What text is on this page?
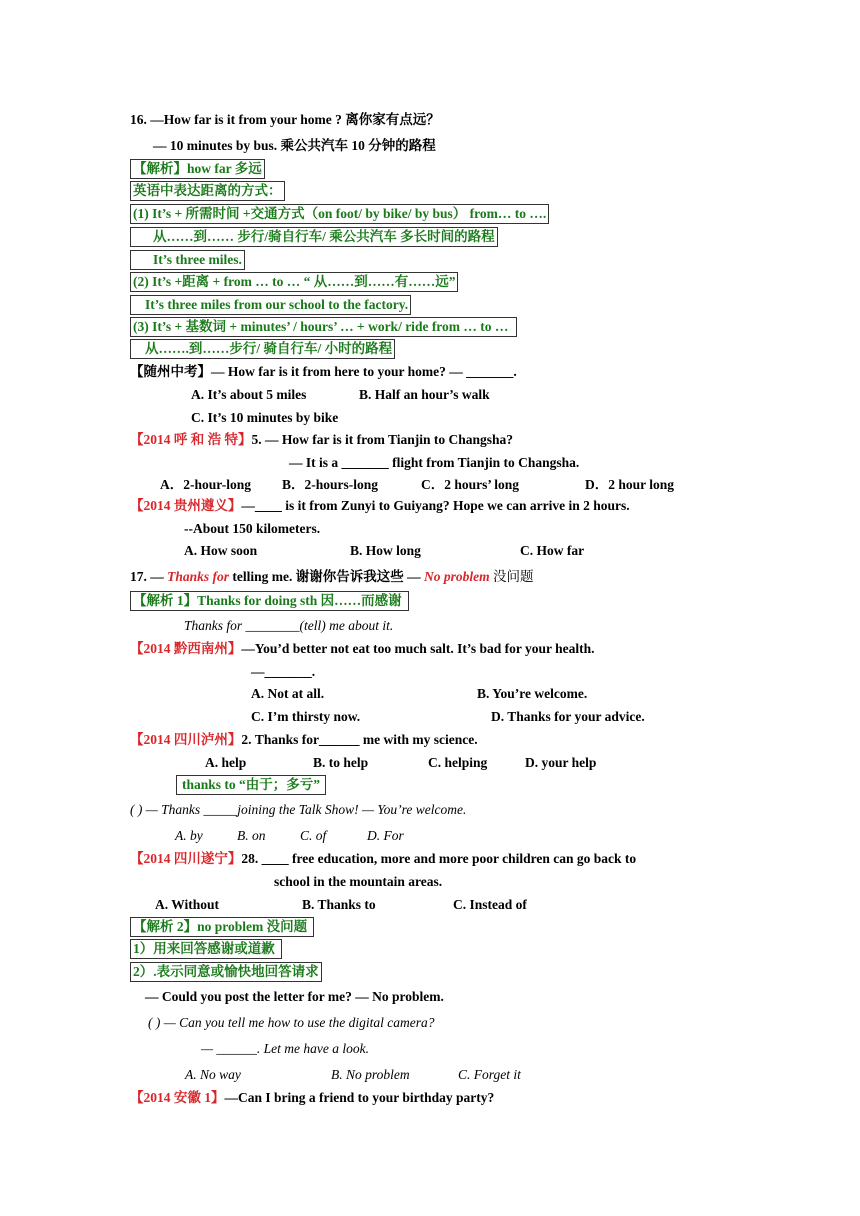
16. —How far is it from your home ? 离你家有点远？
— 10 minutes by bus. 乘公共汽车 10 分钟的路程
【解析】how far 多远
英语中表达距离的方式：
(1) It’s + 所需时间 +交通方式（on foot/ by bike/ by bus） from… to ….
从……到…… 步行/骑自行车/ 乘公共汽车 多长时间的路程
It’s three miles.
(2) It’s +距离 + from … to … “ 从……到……有……远”
It’s three miles from our school to the factory.
(3) It’s + 基数词 + minutes’ / hours’ … + work/ ride from … to …
从…….到……步行/ 骑自行车/ 小时的路程
【随州中考】— How far is it from here to your home? — _______.
A. It’s about 5 miles	B. Half an hour’s walk
C. It’s 10 minutes by bike
【2014 呼 和 浩 特】5. — How far is it from Tianjin to Changsha?
— It is a _______ flight from Tianjin to Changsha.
A．2-hour-long B．2-hours-long	C．2 hours’ long	D．2 hour long
【2014 贵州遵义】—____ is it from Zunyi to Guiyang? Hope we can arrive in 2 hours.
--About 150 kilometers.
A. How soon	B. How long	C. How far
17. — Thanks for telling me. 谢谢你告诉我这些 — No problem 没问题
【解析 1】Thanks for doing sth 因……而感谢
Thanks for ________(tell) me about it.
【2014 黔西南州】—You’d better not eat too much salt. It’s bad for your health.
—_______.
A. Not at all.	B. You’re welcome.
C. I’m thirsty now.	D. Thanks for your advice.
【2014 四川泸州】2. Thanks for______ me with my science.
A. help	B. to help	C. helping	D. your help
thanks to “由于；多亏”
( ) — Thanks _____joining the Talk Show! — You’re welcome.
A. by	B. on	C. of	D. For
【2014 四川遂宁】28. ____ free education, more and more poor children can go back to
school in the mountain areas.
A. Without	B. Thanks to	C. Instead of
【解析 2】no problem 没问题
1）用来回答感谢或道歉
2）.表示同意或愉快地回答请求
— Could you post the letter for me? — No problem.
( ) — Can you tell me how to use the digital camera?
— ______. Let me have a look.
A. No way	B. No problem	C. Forget it
【2014 安徽 1】—Can I bring a friend to your birthday party?
